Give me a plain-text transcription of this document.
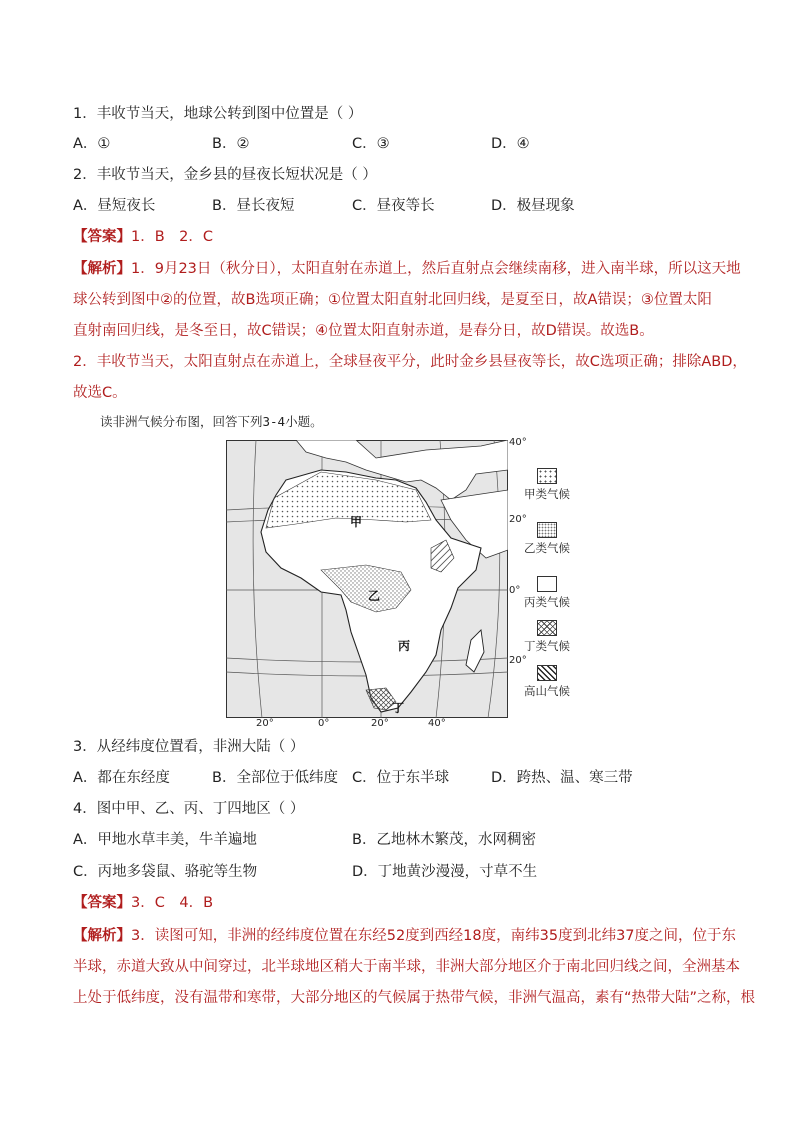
1．丰收节当天，地球公转到图中位置是（ ）
A．①	B．②	C．③	D．④
2．丰收节当天，金乡县的昼夜长短状况是（ ）
A．昼短夜长	B．昼长夜短	C．昼夜等长	D．极昼现象
【答案】1．B　2．C
【解析】1．9月23日（秋分日），太阳直射在赤道上，然后直射点会继续南移，进入南半球，所以这天地
球公转到图中②的位置，故B选项正确；①位置太阳直射北回归线，是夏至日，故A错误；③位置太阳
直射南回归线，是冬至日，故C错误；④位置太阳直射赤道，是春分日，故D错误。故选B。
2．丰收节当天，太阳直射点在赤道上，全球昼夜平分，此时金乡县昼夜等长，故C选项正确；排除ABD，
故选C。
读非洲气候分布图，回答下列3-4小题。
甲
乙
丙
丁
40°
20°
0°
20°
20°	0°	20°	40°
甲类气候
乙类气候
丙类气候
丁类气候
高山气候
3．从经纬度位置看，非洲大陆（ ）
A．都在东经度	B．全部位于低纬度 C．位于东半球	D．跨热、温、寒三带
4．图中甲、乙、丙、丁四地区（ ）
A．甲地水草丰美，牛羊遍地	B．乙地林木繁茂，水网稠密
C．丙地多袋鼠、骆驼等生物	D．丁地黄沙漫漫，寸草不生
【答案】3．C　4．B
【解析】3．读图可知，非洲的经纬度位置在东经52度到西经18度，南纬35度到北纬37度之间，位于东
半球，赤道大致从中间穿过，北半球地区稍大于南半球，非洲大部分地区介于南北回归线之间，全洲基本
上处于低纬度，没有温带和寒带，大部分地区的气候属于热带气候，非洲气温高，素有“热带大陆”之称，根
